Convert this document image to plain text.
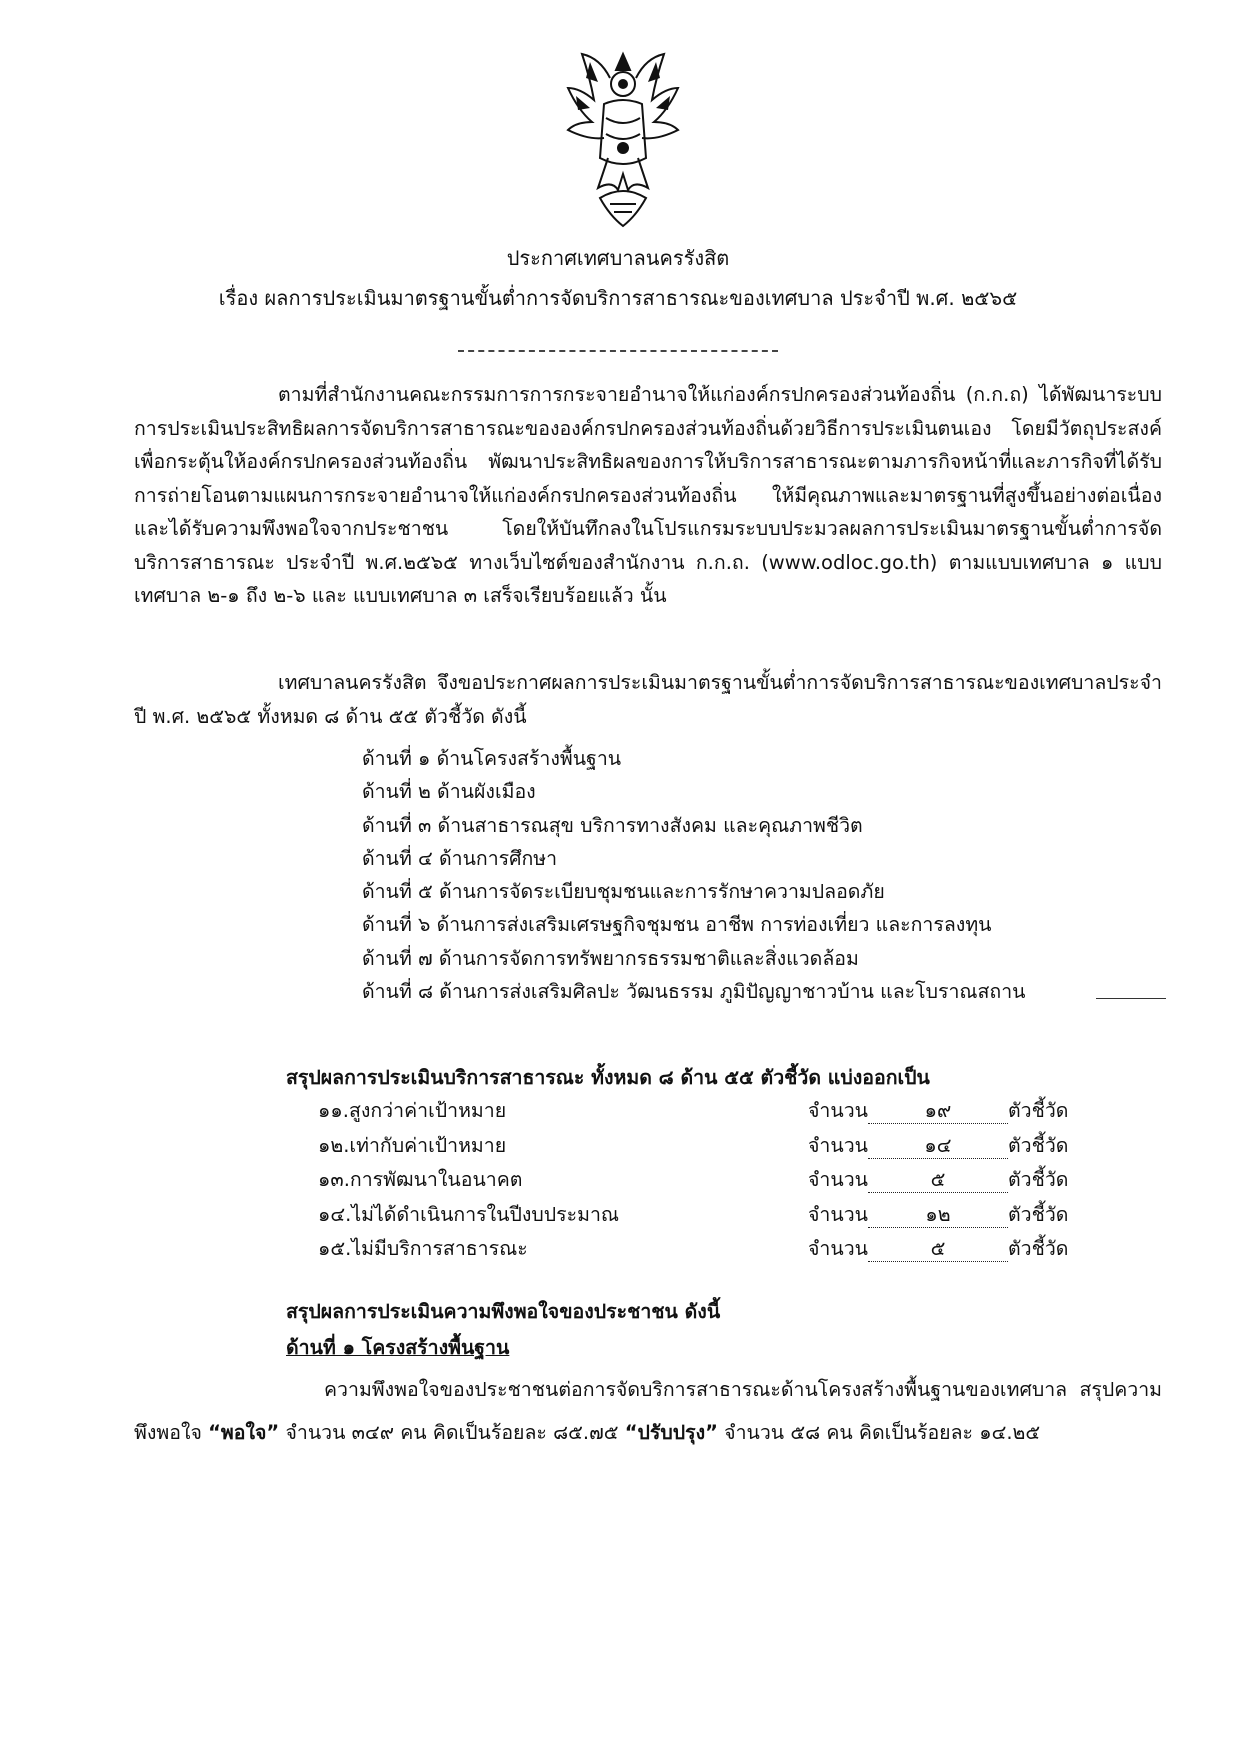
ประกาศเทศบาลนครรังสิต
เรื่อง ผลการประเมินมาตรฐานขั้นต่ำการจัดบริการสาธารณะของเทศบาล ประจำปี พ.ศ. ๒๕๖๕

ตามที่สำนักงานคณะกรรมการการกระจายอำนาจให้แก่องค์กรปกครองส่วนท้องถิ่น (ก.ก.ถ) ได้พัฒนาระบบการประเมินประสิทธิผลการจัดบริการสาธารณะขององค์กรปกครองส่วนท้องถิ่นด้วยวิธีการประเมินตนเอง โดยมีวัตถุประสงค์เพื่อกระตุ้นให้องค์กรปกครองส่วนท้องถิ่น พัฒนาประสิทธิผลของการให้บริการสาธารณะตามภารกิจหน้าที่และภารกิจที่ได้รับการถ่ายโอนตามแผนการกระจายอำนาจให้แก่องค์กรปกครองส่วนท้องถิ่น ให้มีคุณภาพและมาตรฐานที่สูงขึ้นอย่างต่อเนื่อง และได้รับความพึงพอใจจากประชาชน โดยให้บันทึกลงในโปรแกรมระบบประมวลผลการประเมินมาตรฐานขั้นต่ำการจัดบริการสาธารณะ ประจำปี พ.ศ.๒๕๖๕ ทางเว็บไซต์ของสำนักงาน ก.ก.ถ. (www.odloc.go.th) ตามแบบเทศบาล ๑ แบบเทศบาล ๒-๑ ถึง ๒-๖ และ แบบเทศบาล ๓ เสร็จเรียบร้อยแล้ว นั้น

เทศบาลนครรังสิต จึงขอประกาศผลการประเมินมาตรฐานขั้นต่ำการจัดบริการสาธารณะของเทศบาลประจำปี พ.ศ. ๒๕๖๕ ทั้งหมด ๘ ด้าน ๕๕ ตัวชี้วัด ดังนี้

ด้านที่ ๑ ด้านโครงสร้างพื้นฐาน
ด้านที่ ๒ ด้านผังเมือง
ด้านที่ ๓ ด้านสาธารณสุข บริการทางสังคม และคุณภาพชีวิต
ด้านที่ ๔ ด้านการศึกษา
ด้านที่ ๕ ด้านการจัดระเบียบชุมชนและการรักษาความปลอดภัย
ด้านที่ ๖ ด้านการส่งเสริมเศรษฐกิจชุมชน อาชีพ การท่องเที่ยว และการลงทุน
ด้านที่ ๗ ด้านการจัดการทรัพยากรธรรมชาติและสิ่งแวดล้อม
ด้านที่ ๘ ด้านการส่งเสริมศิลปะ วัฒนธรรม ภูมิปัญญาชาวบ้าน และโบราณสถาน
สรุปผลการประเมินบริการสาธารณะ ทั้งหมด ๘ ด้าน ๕๕ ตัวชี้วัด แบ่งออกเป็น
๑๑.สูงกว่าค่าเป้าหมาย	จำนวน	๑๙	ตัวชี้วัด
๑๒.เท่ากับค่าเป้าหมาย	จำนวน	๑๔	ตัวชี้วัด
๑๓.การพัฒนาในอนาคต	จำนวน	๕	ตัวชี้วัด
๑๔.ไม่ได้ดำเนินการในปีงบประมาณ	จำนวน	๑๒	ตัวชี้วัด
๑๕.ไม่มีบริการสาธารณะ	จำนวน	๕	ตัวชี้วัด
สรุปผลการประเมินความพึงพอใจของประชาชน ดังนี้
ด้านที่ ๑ โครงสร้างพื้นฐาน

ความพึงพอใจของประชาชนต่อการจัดบริการสาธารณะด้านโครงสร้างพื้นฐานของเทศบาล สรุปความพึงพอใจ “พอใจ” จำนวน ๓๔๙ คน คิดเป็นร้อยละ ๘๕.๗๕ “ปรับปรุง” จำนวน ๕๘ คน คิดเป็นร้อยละ ๑๔.๒๕
